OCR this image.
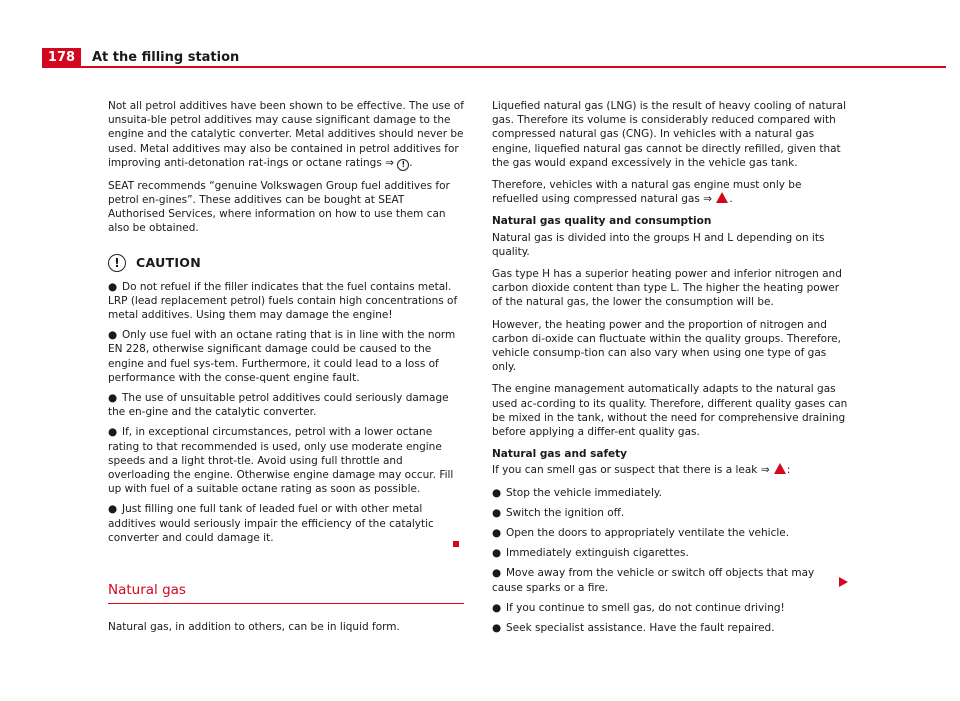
178	At the filling station

Not all petrol additives have been shown to be effective. The use of unsuita-ble petrol additives may cause significant damage to the engine and the catalytic converter. Metal additives should never be used. Metal additives may also be contained in petrol additives for improving anti-detonation rat-ings or octane ratings ⇒ ! .

SEAT recommends “genuine Volkswagen Group fuel additives for petrol en-gines”. These additives can be bought at SEAT Authorised Services, where information on how to use them can also be obtained.

!	CAUTION
● Do not refuel if the filler indicates that the fuel contains metal. LRP (lead replacement petrol) fuels contain high concentrations of metal additives. Using them may damage the engine!
● Only use fuel with an octane rating that is in line with the norm EN 228, otherwise significant damage could be caused to the engine and fuel sys-tem. Furthermore, it could lead to a loss of performance with the conse-quent engine fault.
● The use of unsuitable petrol additives could seriously damage the en-gine and the catalytic converter.
● If, in exceptional circumstances, petrol with a lower octane rating to that recommended is used, only use moderate engine speeds and a light throt-tle. Avoid using full throttle and overloading the engine. Otherwise engine damage may occur. Fill up with fuel of a suitable octane rating as soon as possible.
● Just filling one full tank of leaded fuel or with other metal additives would seriously impair the efficiency of the catalytic converter and could damage it.
Natural gas

Natural gas, in addition to others, can be in liquid form.

Liquefied natural gas (LNG) is the result of heavy cooling of natural gas. Therefore its volume is considerably reduced compared with compressed natural gas (CNG). In vehicles with a natural gas engine, liquefied natural gas cannot be directly refilled, given that the gas would expand excessively in the vehicle gas tank.

Therefore, vehicles with a natural gas engine must only be refuelled using compressed natural gas ⇒ .

Natural gas quality and consumption

Natural gas is divided into the groups H and L depending on its quality.

Gas type H has a superior heating power and inferior nitrogen and carbon dioxide content than type L. The higher the heating power of the natural gas, the lower the consumption will be.

However, the heating power and the proportion of nitrogen and carbon di-oxide can fluctuate within the quality groups. Therefore, vehicle consump-tion can also vary when using one type of gas only.

The engine management automatically adapts to the natural gas used ac-cording to its quality. Therefore, different quality gases can be mixed in the tank, without the need for comprehensive draining before applying a differ-ent quality gas.

Natural gas and safety

If you can smell gas or suspect that there is a leak ⇒ :

● Stop the vehicle immediately.
● Switch the ignition off.
● Open the doors to appropriately ventilate the vehicle.
● Immediately extinguish cigarettes.
● Move away from the vehicle or switch off objects that may cause sparks or a fire.
● If you continue to smell gas, do not continue driving!
● Seek specialist assistance. Have the fault repaired.
